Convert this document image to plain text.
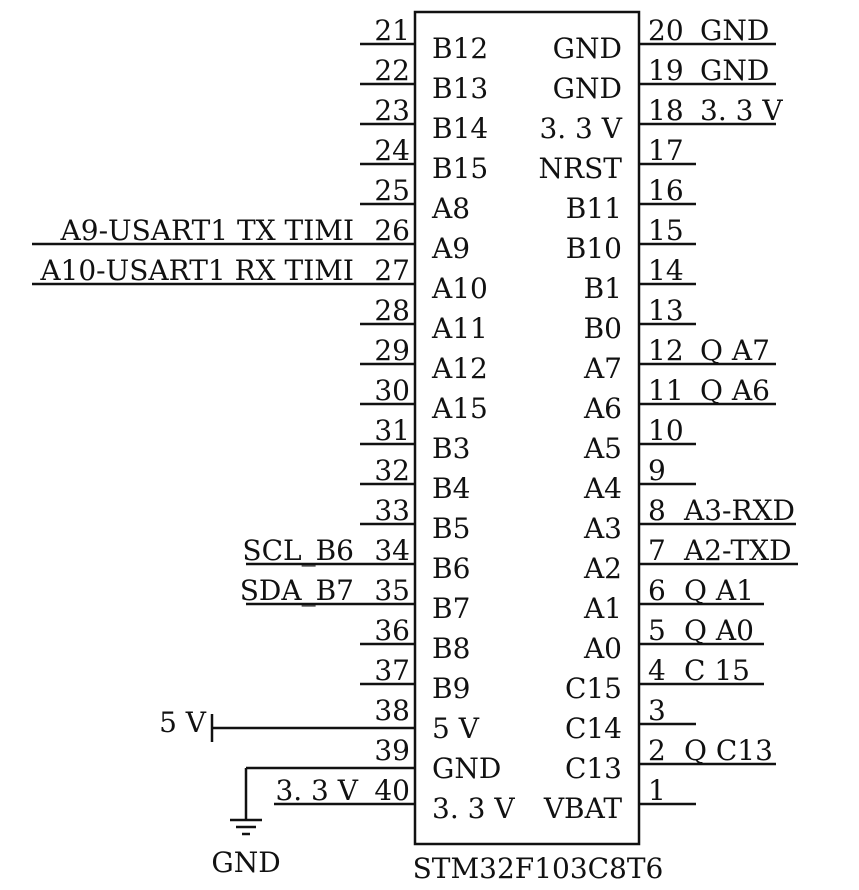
STM32F103C8T6
GND
B12
21
B13
22
B14
23
B15
24
A8
25
A9
26
A9-USART1 TX TIMI
A10
27
A10-USART1 RX TIMI
A11
28
A12
29
A15
30
B3
31
B4
32
B5
33
B6
34
SCL_B6
B7
35
SDA_B7
B8
36
B9
37
5 V
38
5 V
GND
39
3. 3 V
40
3. 3 V
GND
20 GND
GND
19 GND
3. 3 V
18 3. 3 V
NRST
17
B11
16
B10
15
B1
14
B0
13
A7
12 Q A7
A6
11 Q A6
A5
10
A4
9
A3
8 A3-RXD
A2
7 A2-TXD
A1
6 Q A1
A0
5 Q A0
C15
4 C 15
C14
3
C13
2 Q C13
VBAT
1
